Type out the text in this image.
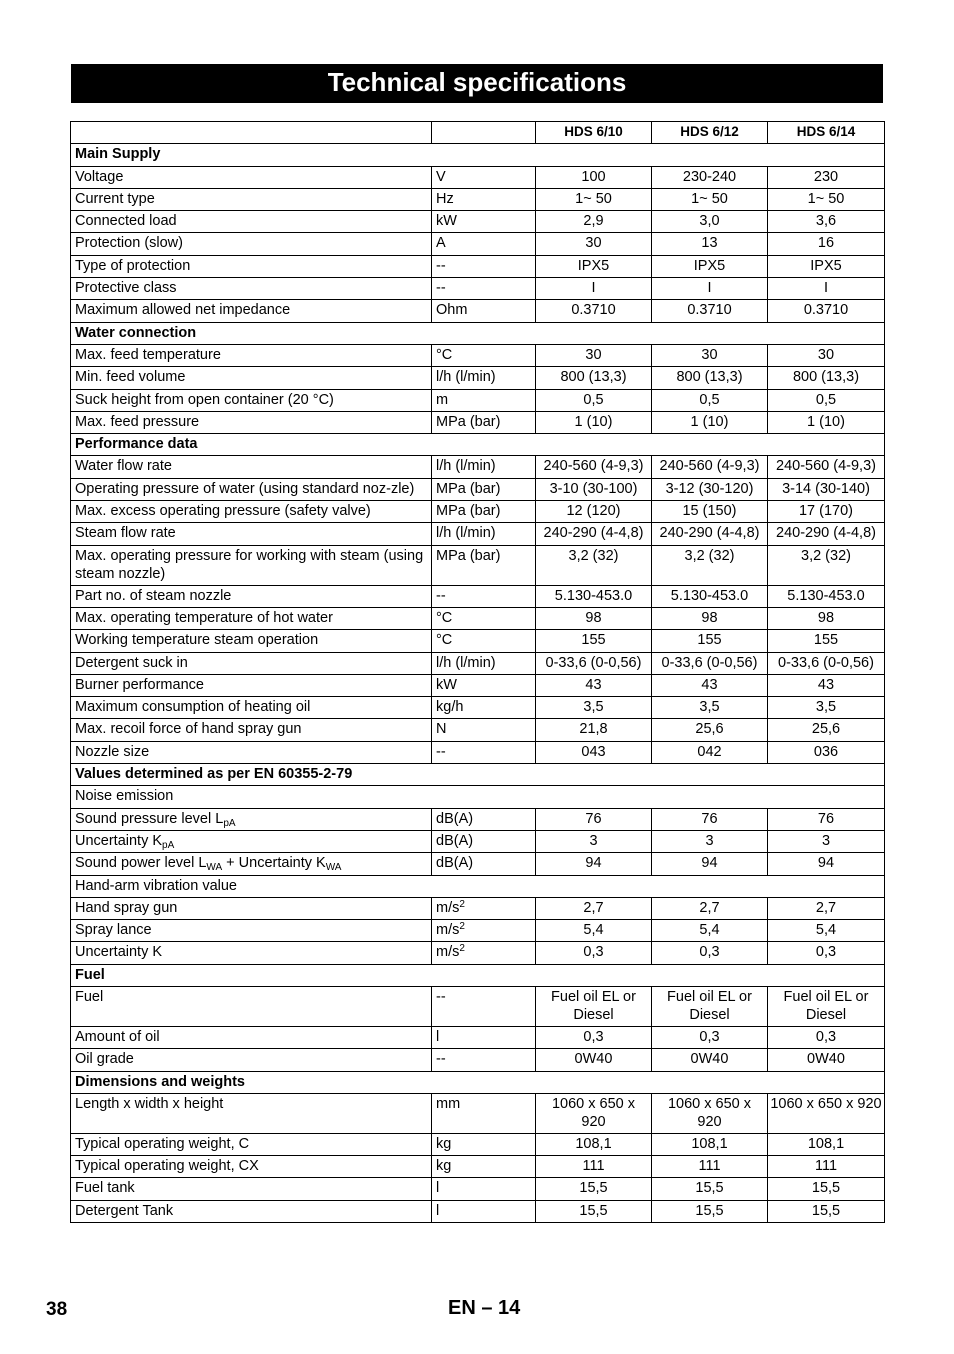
Technical specifications
		HDS 6/10	HDS 6/12	HDS 6/14
Main Supply				
Voltage	V	100	230-240	230
Current type	Hz	1~ 50	1~ 50	1~ 50
Connected load	kW	2,9	3,0	3,6
Protection (slow)	A	30	13	16
Type of protection	--	IPX5	IPX5	IPX5
Protective class	--	I	I	I
Maximum allowed net impedance	Ohm	0.3710	0.3710	0.3710
Water connection				
Max. feed temperature	°C	30	30	30
Min. feed volume	l/h (l/min)	800 (13,3)	800 (13,3)	800 (13,3)
Suck height from open container (20 °C)	m	0,5	0,5	0,5
Max. feed pressure	MPa (bar)	1 (10)	1 (10)	1 (10)
Performance data				
Water flow rate	l/h (l/min)	240-560 (4-9,3)	240-560 (4-9,3)	240-560 (4-9,3)
Operating pressure of water (using standard noz-zle)	MPa (bar)	3-10 (30-100)	3-12 (30-120)	3-14 (30-140)
Max. excess operating pressure (safety valve)	MPa (bar)	12 (120)	15 (150)	17 (170)
Steam flow rate	l/h (l/min)	240-290 (4-4,8)	240-290 (4-4,8)	240-290 (4-4,8)
Max. operating pressure for working with steam (using steam nozzle)	MPa (bar)	3,2 (32)	3,2 (32)	3,2 (32)
Part no. of steam nozzle	--	5.130-453.0	5.130-453.0	5.130-453.0
Max. operating temperature of hot water	°C	98	98	98
Working temperature steam operation	°C	155	155	155
Detergent suck in	l/h (l/min)	0-33,6 (0-0,56)	0-33,6 (0-0,56)	0-33,6 (0-0,56)
Burner performance	kW	43	43	43
Maximum consumption of heating oil	kg/h	3,5	3,5	3,5
Max. recoil force of hand spray gun	N	21,8	25,6	25,6
Nozzle size	--	043	042	036
Values determined as per EN 60355-2-79				
Noise emission				
Sound pressure level $L_{pA}$	dB(A)	76	76	76
Uncertainty $K_{pA}$	dB(A)	3	3	3
Sound power level $L_{WA}$ + Uncertainty $K_{WA}$	dB(A)	94	94	94
Hand-arm vibration value				
Hand spray gun	$m/s^2$	2,7	2,7	2,7
Spray lance	$m/s^2$	5,4	5,4	5,4
Uncertainty K	$m/s^2$	0,3	0,3	0,3
Fuel				
Fuel	--	Fuel oil EL or Diesel	Fuel oil EL or Diesel	Fuel oil EL or Diesel
Amount of oil	l	0,3	0,3	0,3
Oil grade	--	0W40	0W40	0W40
Dimensions and weights				
Length x width x height	mm	1060 x 650 x 920	1060 x 650 x 920	1060 x 650 x 920
Typical operating weight, C	kg	108,1	108,1	108,1
Typical operating weight, CX	kg	111	111	111
Fuel tank	l	15,5	15,5	15,5
Detergent Tank	l	15,5	15,5	15,5
38	EN – 14
